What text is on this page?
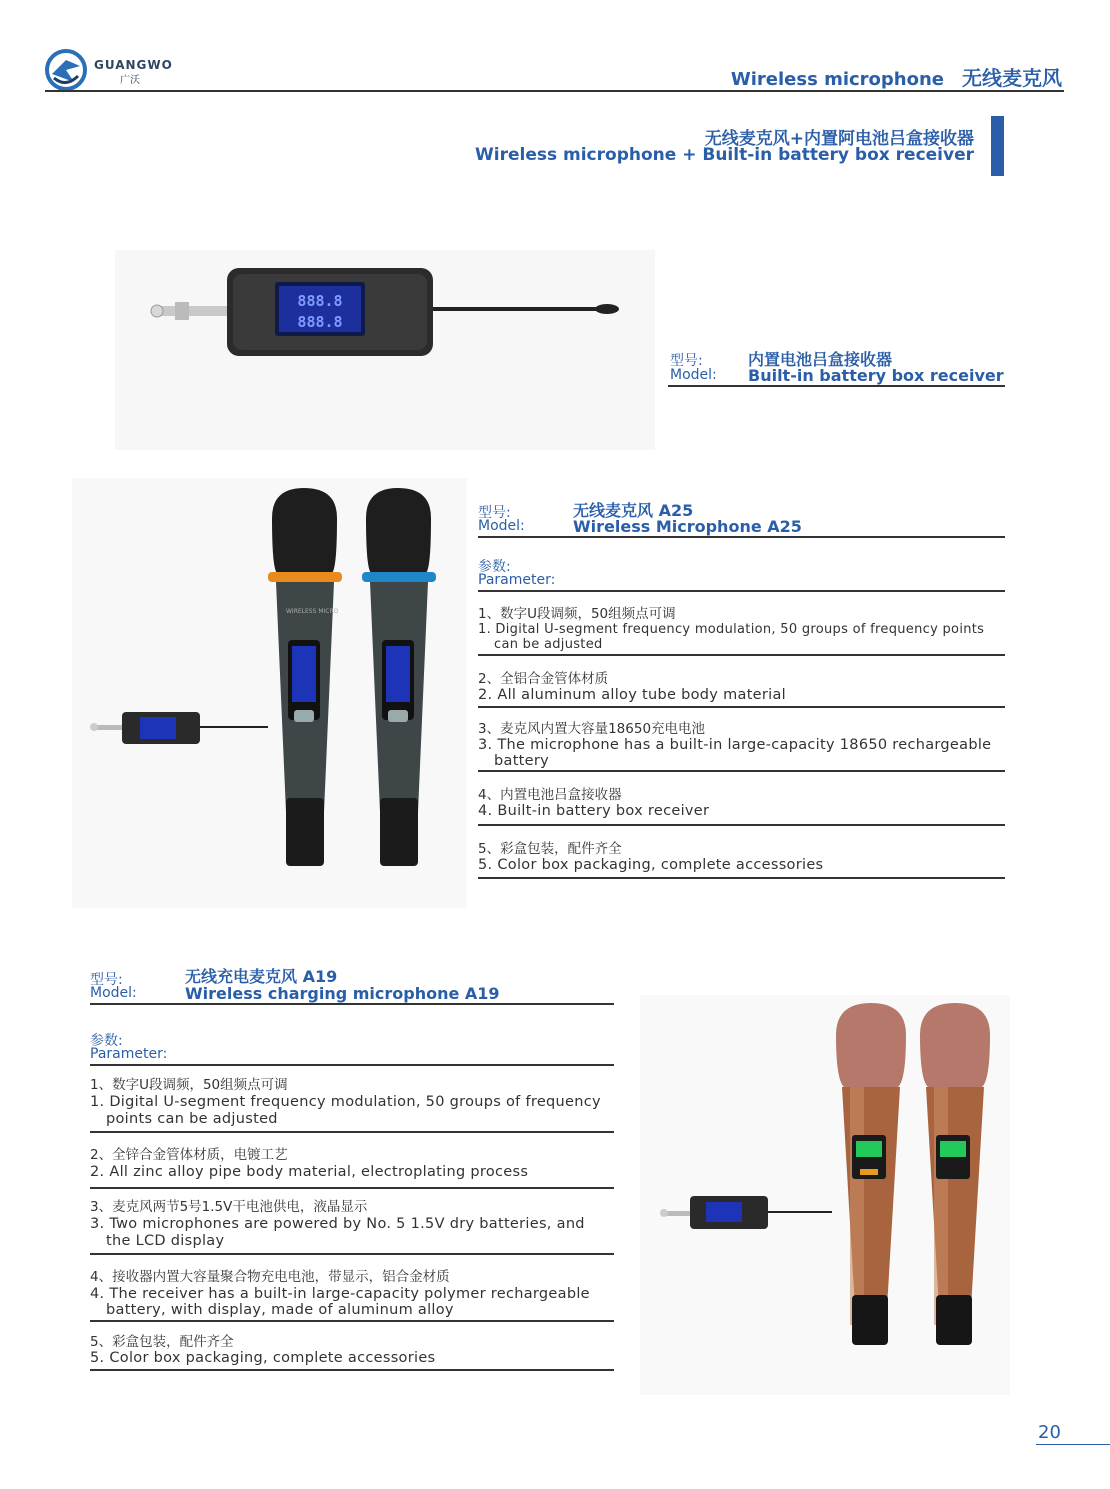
GUANGWO
广沃	Wireless microphone 无线麦克风
无线麦克风+内置阿电池吕盒接收器
Wireless microphone + Built-in battery box receiver
888.8
888.8
型号:
Model:
内置电池吕盒接收器
Built-in battery box receiver
WIRELESS MICRO
型号:
Model:
无线麦克风 A25
Wireless Microphone A25
参数:
Parameter:
1、数字U段调频，50组频点可调
1. Digital U-segment frequency modulation, 50 groups of frequency points
can be adjusted
2、全铝合金管体材质
2. All aluminum alloy tube body material
3、麦克风内置大容量18650充电电池
3. The microphone has a built-in large-capacity 18650 rechargeable
battery
4、内置电池吕盒接收器
4. Built-in battery box receiver
5、彩盒包装，配件齐全
5. Color box packaging, complete accessories
型号:
Model:
无线充电麦克风 A19
Wireless charging microphone A19
参数:
Parameter:
1、数字U段调频，50组频点可调
1. Digital U-segment frequency modulation, 50 groups of frequency
points can be adjusted
2、全锌合金管体材质，电镀工艺
2. All zinc alloy pipe body material, electroplating process
3、麦克风两节5号1.5V干电池供电，液晶显示
3. Two microphones are powered by No. 5 1.5V dry batteries, and
the LCD display
4、接收器内置大容量聚合物充电电池，带显示，铝合金材质
4. The receiver has a built-in large-capacity polymer rechargeable
battery, with display, made of aluminum alloy
5、彩盒包装，配件齐全
5. Color box packaging, complete accessories
20
